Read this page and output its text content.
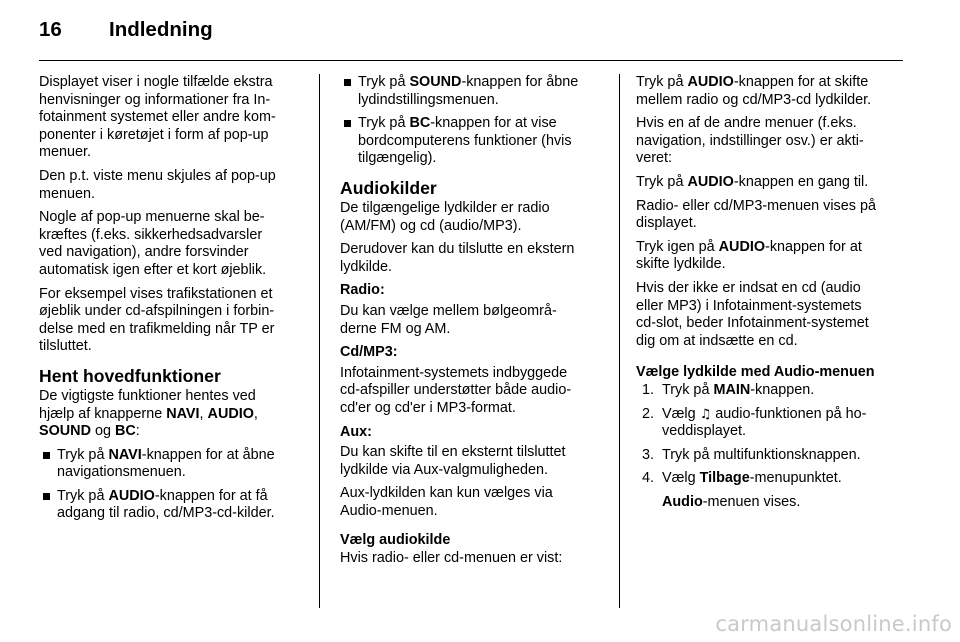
16 Indledning

Displayet viser i nogle tilfælde ekstra
henvisninger og informationer fra In-
fotainment systemet eller andre kom-
ponenter i køretøjet i form af pop-up
menuer.

Den p.t. viste menu skjules af pop-up
menuen.

Nogle af pop-up menuerne skal be-
kræftes (f.eks. sikkerhedsadvarsler
ved navigation), andre forsvinder
automatisk igen efter et kort øjeblik.

For eksempel vises trafikstationen et
øjeblik under cd-afspilningen i forbin-
delse med en trafikmelding når TP er
tilsluttet.

Hent hovedfunktioner

De vigtigste funktioner hentes ved
hjælp af knapperne NAVI, AUDIO,
SOUND og BC:

Tryk på NAVI-knappen for at åbne
navigationsmenuen.
Tryk på AUDIO-knappen for at få
adgang til radio, cd/MP3-cd-kilder.
Tryk på SOUND-knappen for åbne
lydindstillingsmenuen.
Tryk på BC-knappen for at vise
bordcomputerens funktioner (hvis
tilgængelig).
Audiokilder

De tilgængelige lydkilder er radio
(AM/FM) og cd (audio/MP3).

Derudover kan du tilslutte en ekstern
lydkilde.

Radio:

Du kan vælge mellem bølgeområ-
derne FM og AM.

Cd/MP3:

Infotainment-systemets indbyggede
cd-afspiller understøtter både audio-
cd'er og cd'er i MP3-format.

Aux:

Du kan skifte til en eksternt tilsluttet
lydkilde via Aux-valgmuligheden.

Aux-lydkilden kan kun vælges via
Audio-menuen.

Vælg audiokilde

Hvis radio- eller cd-menuen er vist:

Tryk på AUDIO-knappen for at skifte
mellem radio og cd/MP3-cd lydkilder.

Hvis en af de andre menuer (f.eks.
navigation, indstillinger osv.) er akti-
veret:

Tryk på AUDIO-knappen en gang til.

Radio- eller cd/MP3-menuen vises på
displayet.

Tryk igen på AUDIO-knappen for at
skifte lydkilde.

Hvis der ikke er indsat en cd (audio
eller MP3) i Infotainment-systemets
cd-slot, beder Infotainment-systemet
dig om at indsætte en cd.

Vælge lydkilde med Audio-menuen
1. Tryk på MAIN-knappen.
2. Vælg ♫ audio-funktionen på ho-
veddisplayet.
3. Tryk på multifunktionsknappen.
4. Vælg Tilbage-menupunktet.

Audio-menuen vises.

carmanualsonline.info
